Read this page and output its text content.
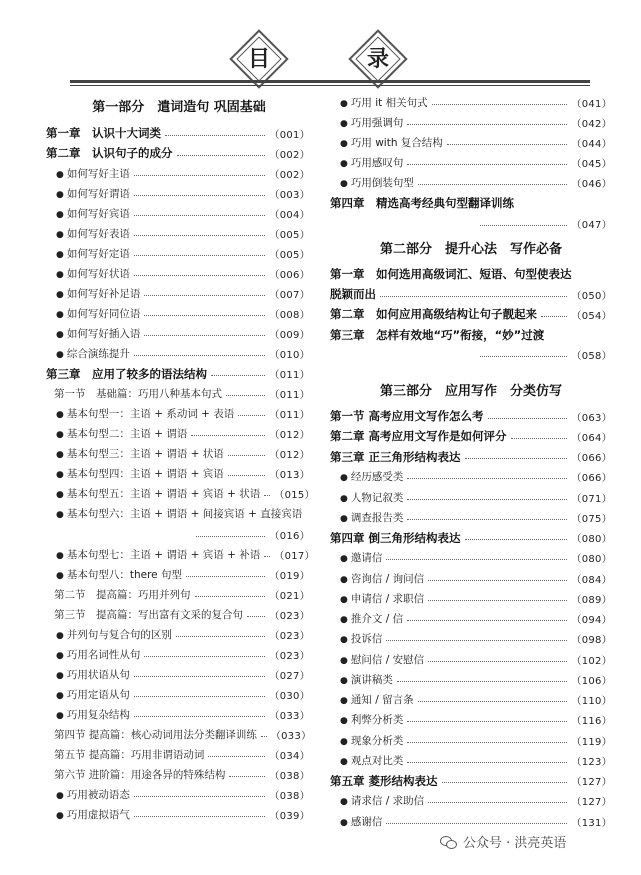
目	录
第一部分　遣词造句 巩固基础
第一章　认识十大词类	（001）
第二章　认识句子的成分	（002）
● 如何写好主语	（002）
● 如何写好谓语	（003）
● 如何写好宾语	（004）
● 如何写好表语	（005）
● 如何写好定语	（005）
● 如何写好状语	（006）
● 如何写好补足语	（007）
● 如何写好同位语	（008）
● 如何写好插入语	（009）
● 综合演练提升	（010）
第三章　应用了较多的语法结构	（011）
第一节　基础篇：巧用八种基本句式	（011）
● 基本句型一：主语 + 系动词 + 表语	（011）
● 基本句型二：主语 + 谓语	（012）
● 基本句型三：主语 + 谓语 + 状语	（012）
● 基本句型四：主语 + 谓语 + 宾语	（013）
● 基本句型五：主语 + 谓语 + 宾语 + 状语 （015）
● 基本句型六：主语 + 谓语 + 间接宾语 + 直接宾语
（016）
● 基本句型七：主语 + 谓语 + 宾语 + 补语 （017）
● 基本句型八：there 句型	（019）
第二节　提高篇：巧用并列句	（021）
第三节　提高篇：写出富有文采的复合句	（023）
● 并列句与复合句的区别	（023）
● 巧用名词性从句	（023）
● 巧用状语从句	（027）
● 巧用定语从句	（030）
● 巧用复杂结构	（033）
第四节 提高篇：核心动词用法分类翻译训练 （033）
第五节 提高篇：巧用非谓语动词	（034）
第六节 进阶篇：用途各异的特殊结构	（038）
● 巧用被动语态	（038）
● 巧用虚拟语气	（039）
● 巧用 it 相关句式	（041）
● 巧用强调句	（042）
● 巧用 with 复合结构	（044）
● 巧用感叹句	（045）
● 巧用倒装句型	（046）
第四章　精选高考经典句型翻译训练
（047）
第二部分　提升心法　写作必备
第一章　如何选用高级词汇、短语、句型使表达
脱颖而出	（050）
第二章　如何应用高级结构让句子靓起来	（054）
第三章　怎样有效地“巧”衔接，“妙”过渡
（058）
第三部分　应用写作　分类仿写
第一节 高考应用文写作怎么考	（063）
第二章 高考应用文写作是如何评分	（064）
第三章 正三角形结构表达	（066）
● 经历感受类	（066）
● 人物记叙类	（071）
● 调查报告类	（075）
第四章 倒三角形结构表达	（080）
● 邀请信	（080）
● 咨询信 / 询问信	（084）
● 申请信 / 求职信	（089）
● 推介文 / 信	（094）
● 投诉信	（098）
● 慰问信 / 安慰信	（102）
● 演讲稿类	（106）
● 通知 / 留言条	（110）
● 利弊分析类	（116）
● 现象分析类	（119）
● 观点对比类	（123）
第五章 菱形结构表达	（127）
● 请求信 / 求助信	（127）
● 感谢信	（131）
公众号 · 洪亮英语
